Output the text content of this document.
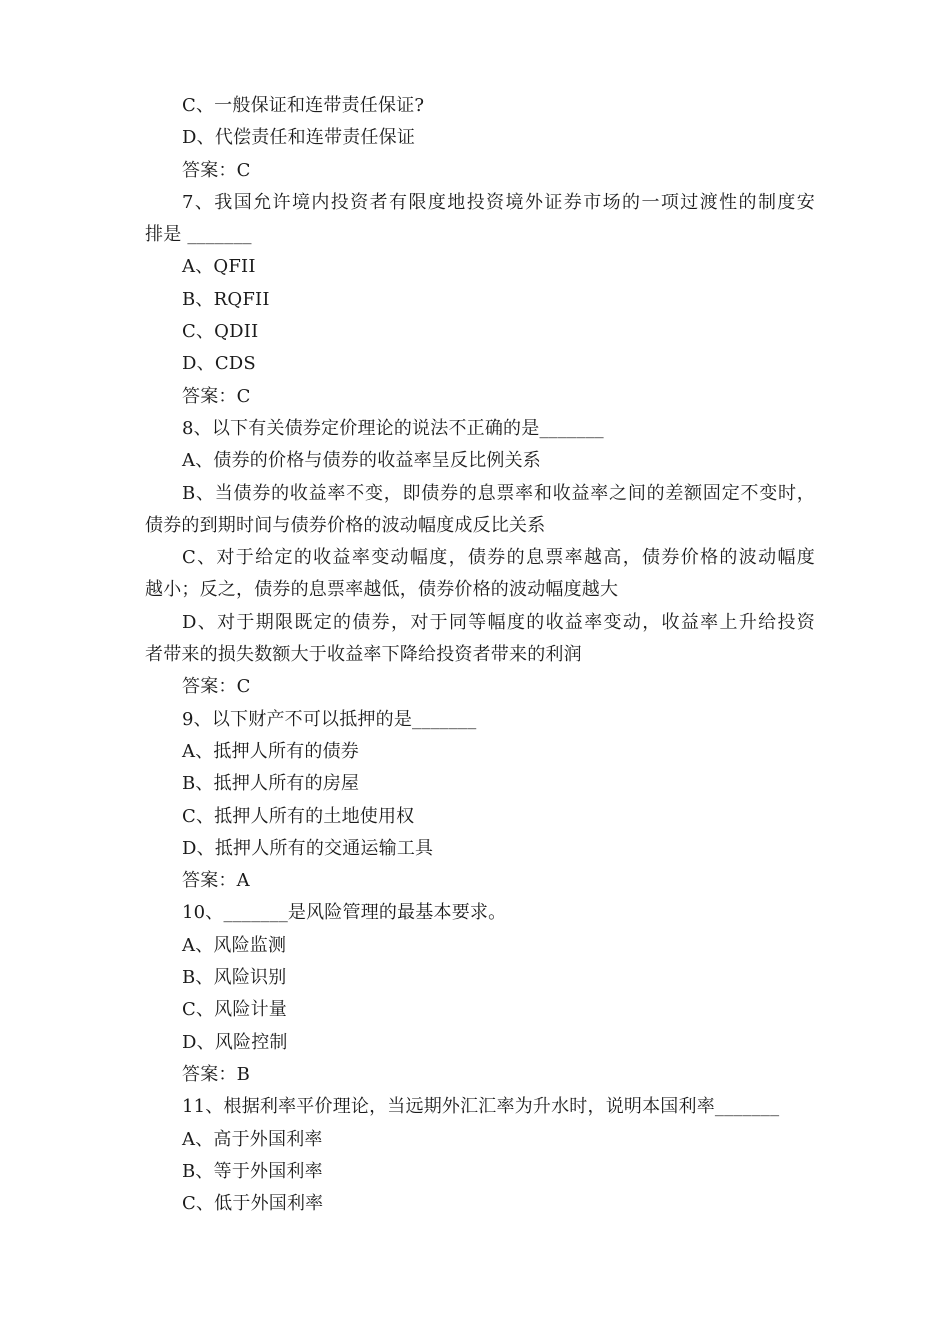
C、一般保证和连带责任保证?
D、代偿责任和连带责任保证
答案：C
7、我国允许境内投资者有限度地投资境外证券市场的一项过渡性的制度安
排是 _______
A、QFII
B、RQFII
C、QDII
D、CDS
答案：C
8、以下有关债券定价理论的说法不正确的是_______
A、债券的价格与债券的收益率呈反比例关系
B、当债券的收益率不变，即债券的息票率和收益率之间的差额固定不变时，
债券的到期时间与债券价格的波动幅度成反比关系
C、对于给定的收益率变动幅度，债券的息票率越高，债券价格的波动幅度
越小；反之，债券的息票率越低，债券价格的波动幅度越大
D、对于期限既定的债券，对于同等幅度的收益率变动，收益率上升给投资
者带来的损失数额大于收益率下降给投资者带来的利润
答案：C
9、以下财产不可以抵押的是_______
A、抵押人所有的债券
B、抵押人所有的房屋
C、抵押人所有的土地使用权
D、抵押人所有的交通运输工具
答案：A
10、_______是风险管理的最基本要求。
A、风险监测
B、风险识别
C、风险计量
D、风险控制
答案：B
11、根据利率平价理论，当远期外汇汇率为升水时，说明本国利率_______
A、高于外国利率
B、等于外国利率
C、低于外国利率
